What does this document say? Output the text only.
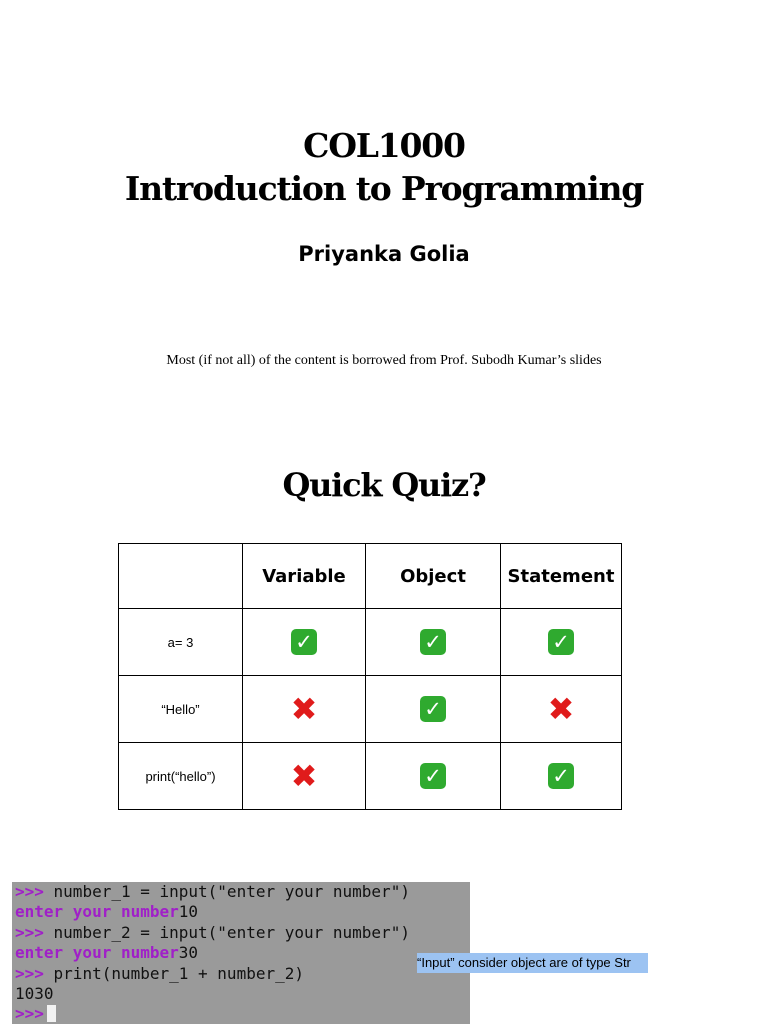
COL1000
Introduction to Programming
Priyanka Golia
Most (if not all) of the content is borrowed from Prof. Subodh Kumar’s slides
Quick Quiz?
	Variable	Object	Statement
a= 3	✓	✓	✓
“Hello”	✖	✓	✖
print(“hello”)	✖	✓	✓
>>> number_1 = input("enter your number")
enter your number10
>>> number_2 = input("enter your number")
enter your number30
>>> print(number_1 + number_2)
1030
>>>
“Input” consider object are of type Str
